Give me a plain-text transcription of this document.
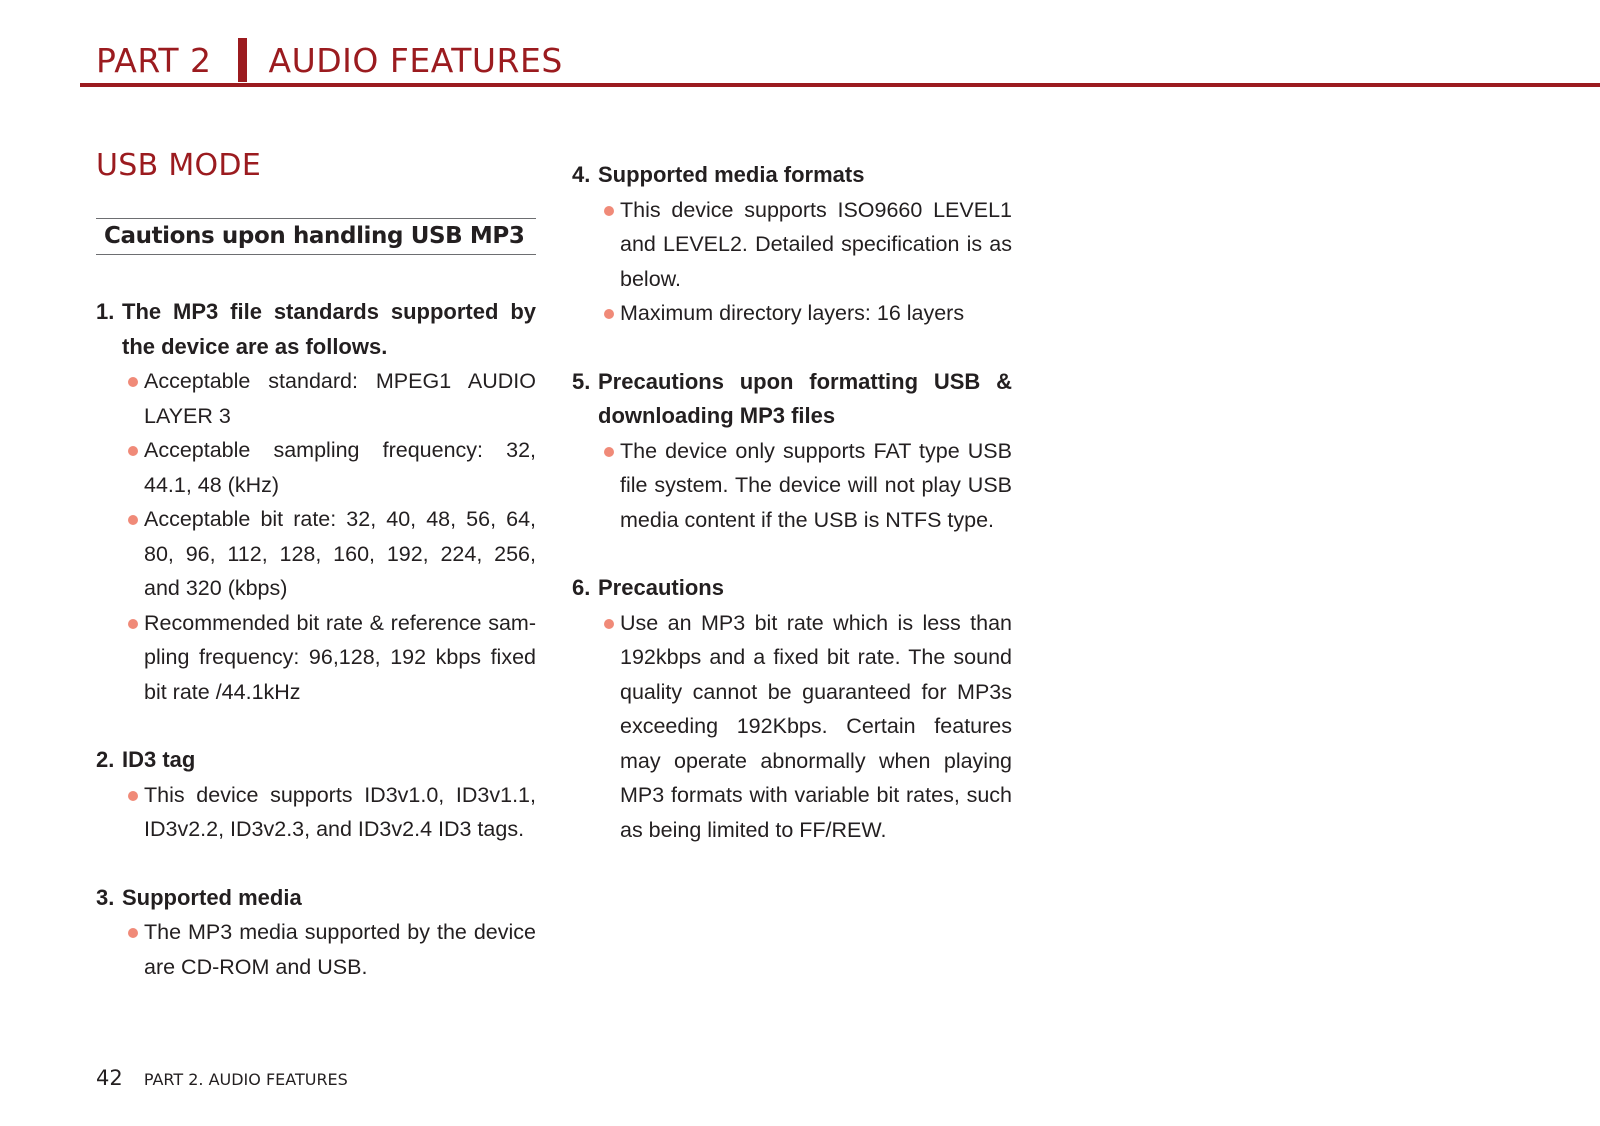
PART 2 AUDIO FEATURES
USB MODE
Cautions upon handling USB MP3
1. The MP3 file standards supported by the device are as follows.
Acceptable standard: MPEG1 AUDIO LAYER 3
Acceptable sampling frequency: 32, 44.1, 48 (kHz)
Acceptable bit rate: 32, 40, 48, 56, 64, 80, 96, 112, 128, 160, 192, 224, 256, and 320 (kbps)
Recommended bit rate & reference sam-pling frequency: 96,128, 192 kbps fixed bit rate /44.1kHz
2. ID3 tag
This device supports ID3v1.0, ID3v1.1, ID3v2.2, ID3v2.3, and ID3v2.4 ID3 tags.
3. Supported media
The MP3 media supported by the device are CD-ROM and USB.
4. Supported media formats
This device supports ISO9660 LEVEL1 and LEVEL2. Detailed specification is as below.
Maximum directory layers: 16 layers
5. Precautions upon formatting USB & downloading MP3 files
The device only supports FAT type USB file system. The device will not play USB media content if the USB is NTFS type.
6. Precautions
Use an MP3 bit rate which is less than 192kbps and a fixed bit rate. The sound quality cannot be guaranteed for MP3s exceeding 192Kbps. Certain features may operate abnormally when playing MP3 formats with variable bit rates, such as being limited to FF/REW.
42 PART 2. AUDIO FEATURES
